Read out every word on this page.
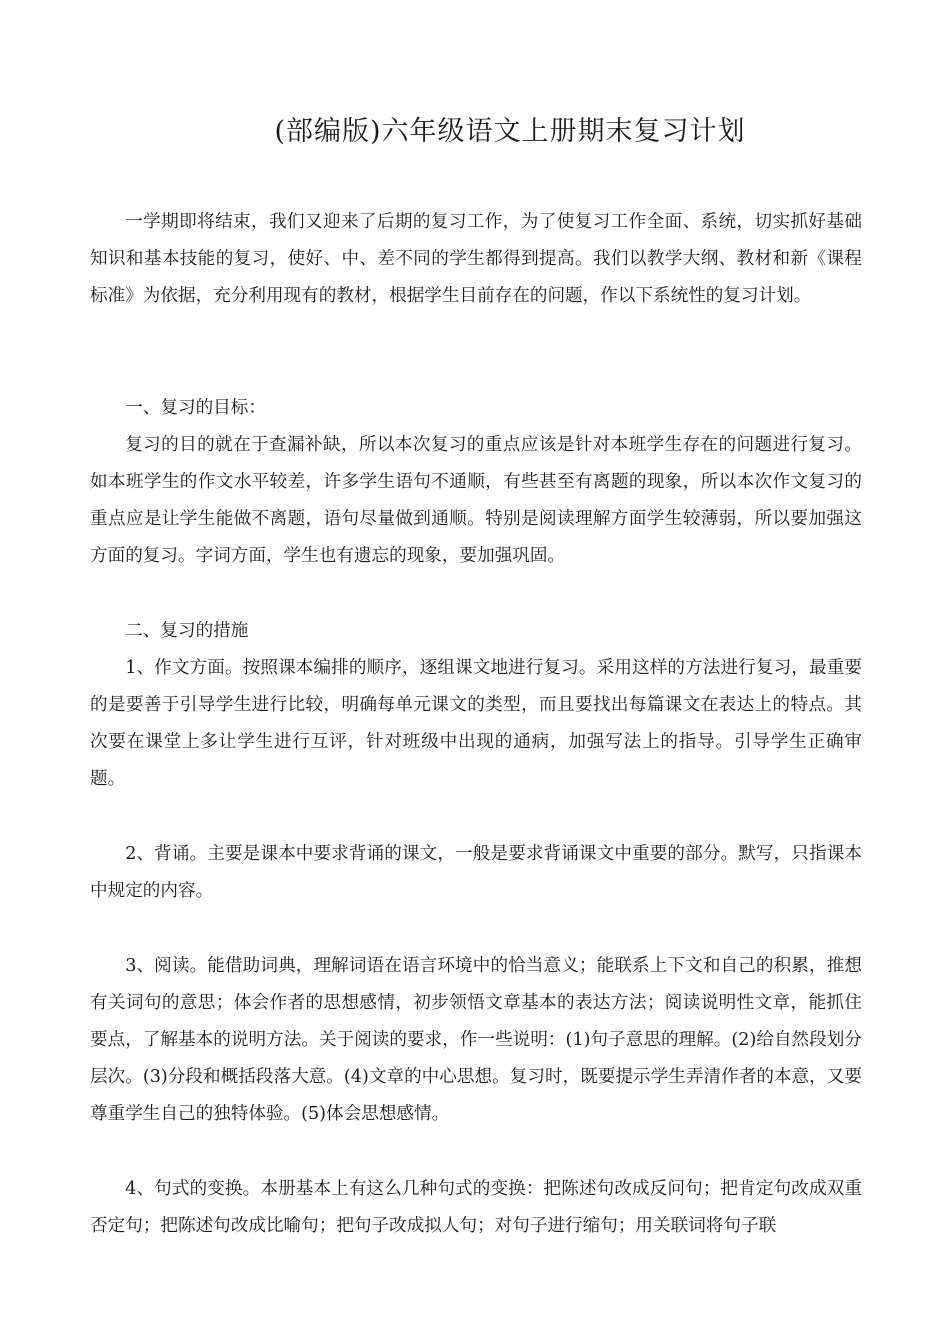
(部编版)六年级语文上册期末复习计划

一学期即将结束，我们又迎来了后期的复习工作，为了使复习工作全面、系统，切实抓好基础知识和基本技能的复习，使好、中、差不同的学生都得到提高。我们以教学大纲、教材和新《课程标准》为依据，充分利用现有的教材，根据学生目前存在的问题，作以下系统性的复习计划。

一、复习的目标：

复习的目的就在于查漏补缺，所以本次复习的重点应该是针对本班学生存在的问题进行复习。如本班学生的作文水平较差，许多学生语句不通顺，有些甚至有离题的现象，所以本次作文复习的重点应是让学生能做不离题，语句尽量做到通顺。特别是阅读理解方面学生较薄弱，所以要加强这方面的复习。字词方面，学生也有遗忘的现象，要加强巩固。

二、复习的措施

1、作文方面。按照课本编排的顺序，逐组课文地进行复习。采用这样的方法进行复习，最重要的是要善于引导学生进行比较，明确每单元课文的类型，而且要找出每篇课文在表达上的特点。其次要在课堂上多让学生进行互评，针对班级中出现的通病，加强写法上的指导。引导学生正确审题。

2、背诵。主要是课本中要求背诵的课文，一般是要求背诵课文中重要的部分。默写，只指课本中规定的内容。

3、阅读。能借助词典，理解词语在语言环境中的恰当意义；能联系上下文和自己的积累，推想有关词句的意思；体会作者的思想感情，初步领悟文章基本的表达方法；阅读说明性文章，能抓住要点，了解基本的说明方法。关于阅读的要求，作一些说明：(1)句子意思的理解。(2)给自然段划分层次。(3)分段和概括段落大意。(4)文章的中心思想。复习时，既要提示学生弄清作者的本意，又要尊重学生自己的独特体验。(5)体会思想感情。

4、句式的变换。本册基本上有这么几种句式的变换：把陈述句改成反问句；把肯定句改成双重否定句；把陈述句改成比喻句；把句子改成拟人句；对句子进行缩句；用关联词将句子联
